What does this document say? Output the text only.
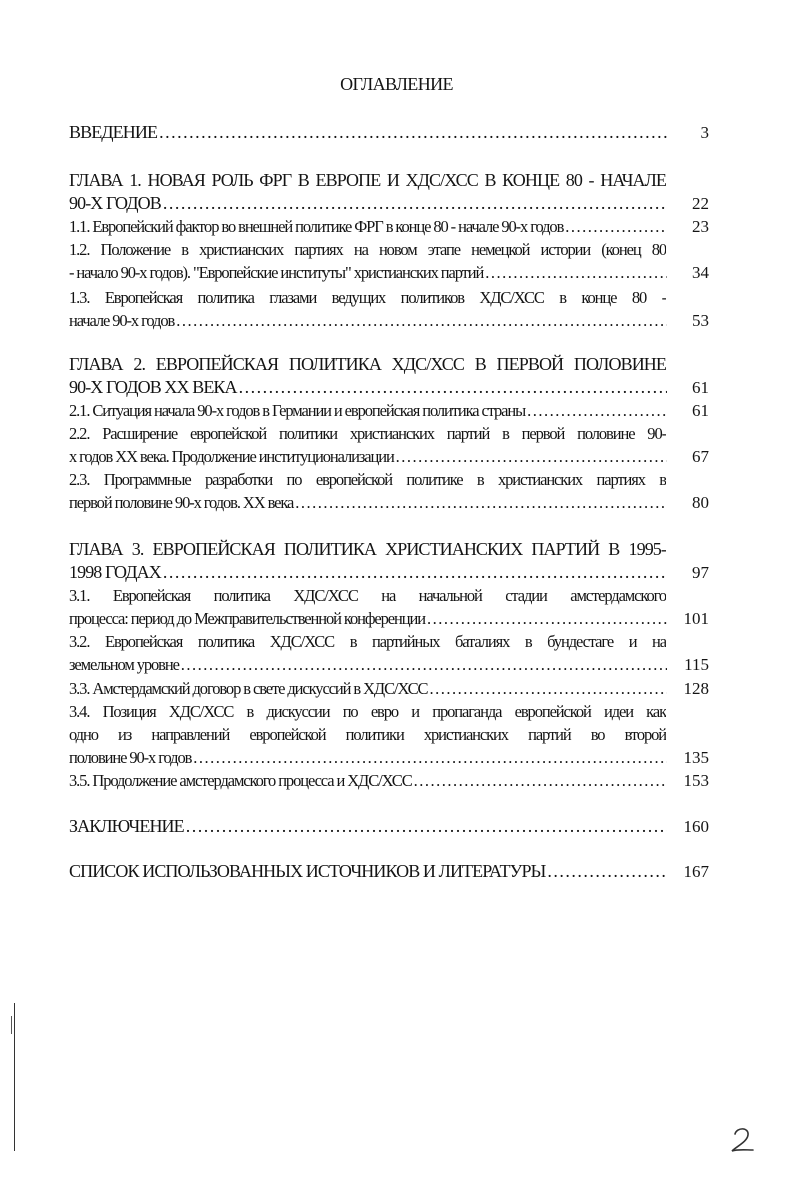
ОГЛАВЛЕНИЕ
ВВЕДЕНИЕ .....	3
ГЛАВА 1. НОВАЯ РОЛЬ ФРГ В ЕВРОПЕ И ХДС/ХСС В КОНЦЕ 80 - НАЧАЛЕ
90-Х ГОДОВ .....	22
1.1. Европейский фактор во внешней политике ФРГ в конце 80 - начале 90-х годов .....	23
1.2. Положение в христианских партиях на новом этапе немецкой истории (конец 80
- начало 90-х годов). "Европейские институты" христианских партий .....	34
1.3. Европейская политика глазами ведущих политиков ХДС/ХСС в конце 80 -
начале 90-х годов .....	53
ГЛАВА 2. ЕВРОПЕЙСКАЯ ПОЛИТИКА ХДС/ХСС В ПЕРВОЙ ПОЛОВИНЕ
90-Х ГОДОВ XX ВЕКА .....	61
2.1. Ситуация начала 90-х годов в Германии и европейская политика страны .....	61
2.2. Расширение европейской политики христианских партий в первой половине 90-
х годов XX века. Продолжение институционализации .....	67
2.3. Программные разработки по европейской политике в христианских партиях в
первой половине 90-х годов. XX века .....	80
ГЛАВА 3. ЕВРОПЕЙСКАЯ ПОЛИТИКА ХРИСТИАНСКИХ ПАРТИЙ В 1995-
1998 ГОДАХ .....	97
3.1. Европейская политика ХДС/ХСС на начальной стадии амстердамского
процесса: период до Межправительственной конференции .....	101
3.2. Европейская политика ХДС/ХСС в партийных баталиях в бундестаге и на
земельном уровне .....	115
3.3. Амстердамский договор в свете дискуссий в ХДС/ХСС .....	128
3.4. Позиция ХДС/ХСС в дискуссии по евро и пропаганда европейской идеи как
одно из направлений европейской политики христианских партий во второй
половине 90-х годов .....	135
3.5. Продолжение амстердамского процесса и ХДС/ХСС .....	153
ЗАКЛЮЧЕНИЕ .....	160
СПИСОК ИСПОЛЬЗОВАННЫХ ИСТОЧНИКОВ И ЛИТЕРАТУРЫ .....	167
